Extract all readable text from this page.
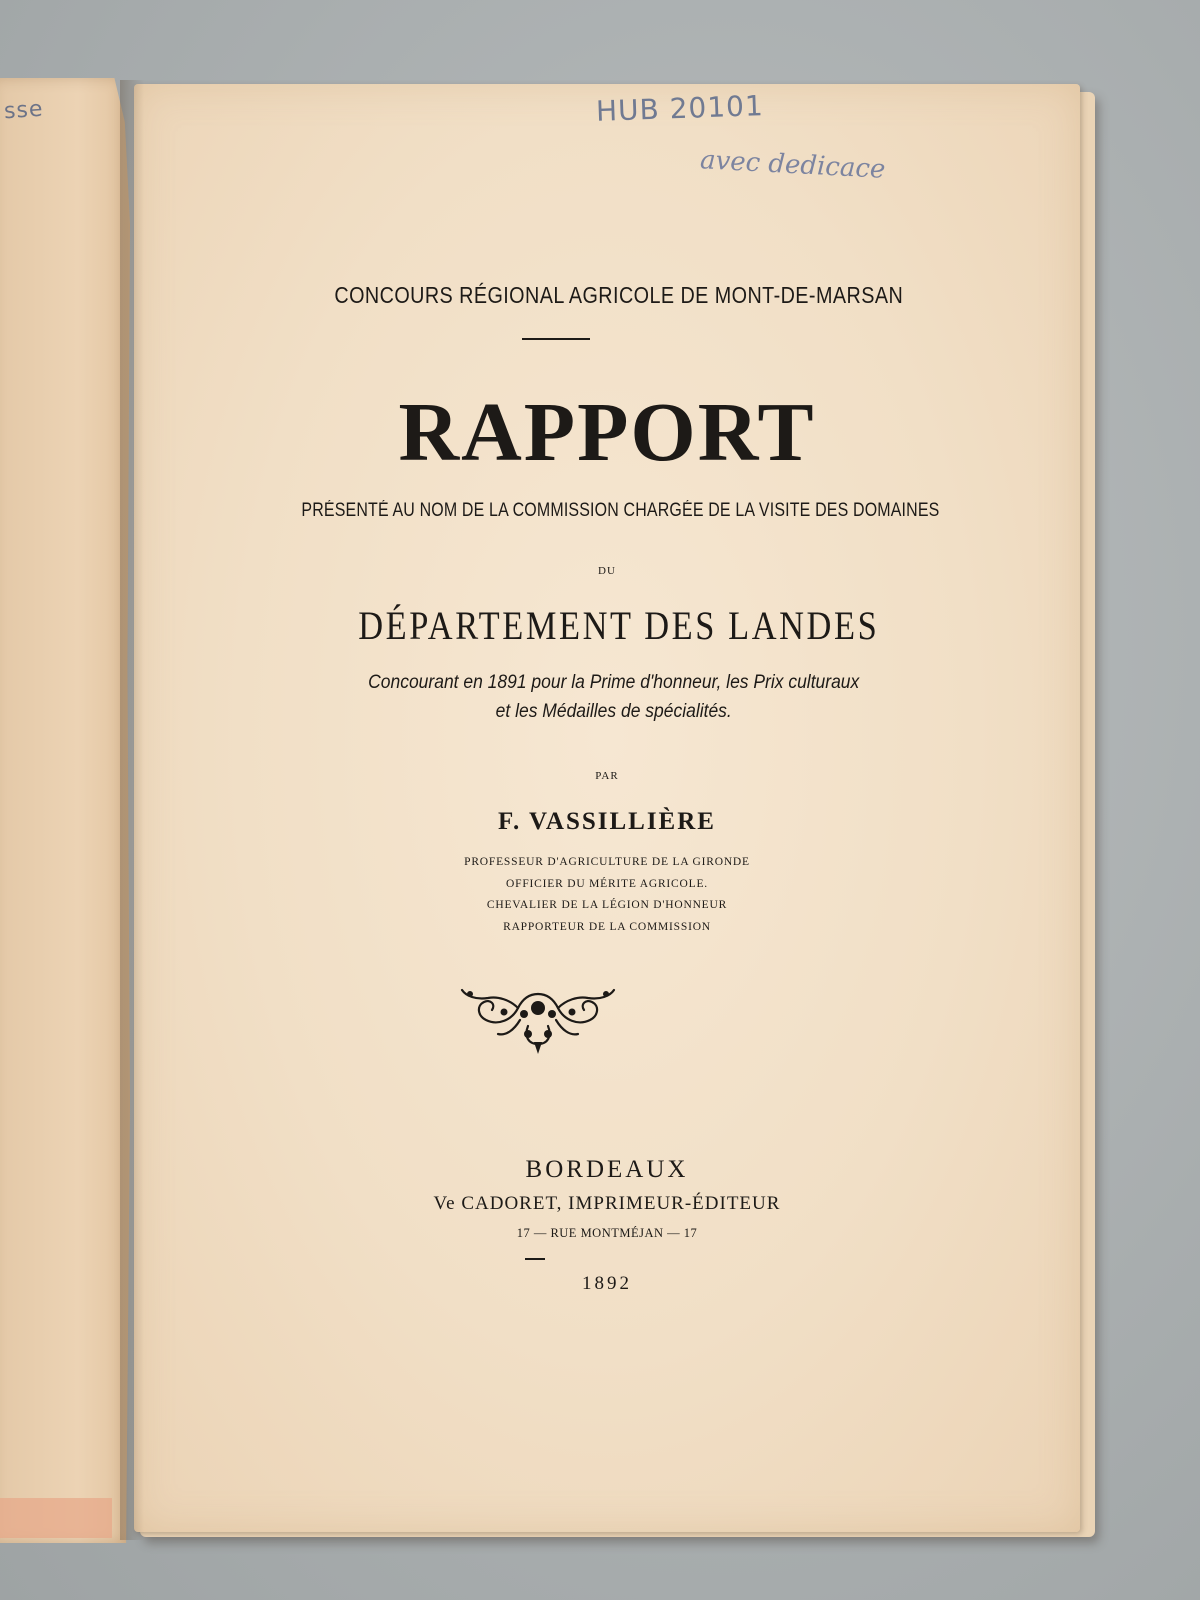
sse	HUB 20101
avec dedicace
CONCOURS RÉGIONAL AGRICOLE DE MONT-DE-MARSAN
RAPPORT
PRÉSENTÉ AU NOM DE LA COMMISSION CHARGÉE DE LA VISITE DES DOMAINES
DU
DÉPARTEMENT DES LANDES
Concourant en 1891 pour la Prime d'honneur, les Prix culturaux
et les Médailles de spécialités.
PAR
F. VASSILLIÈRE
PROFESSEUR D'AGRICULTURE DE LA GIRONDE
OFFICIER DU MÉRITE AGRICOLE.
CHEVALIER DE LA LÉGION D'HONNEUR
RAPPORTEUR DE LA COMMISSION
BORDEAUX
Ve CADORET, IMPRIMEUR-ÉDITEUR
17 — RUE MONTMÉJAN — 17
1892
